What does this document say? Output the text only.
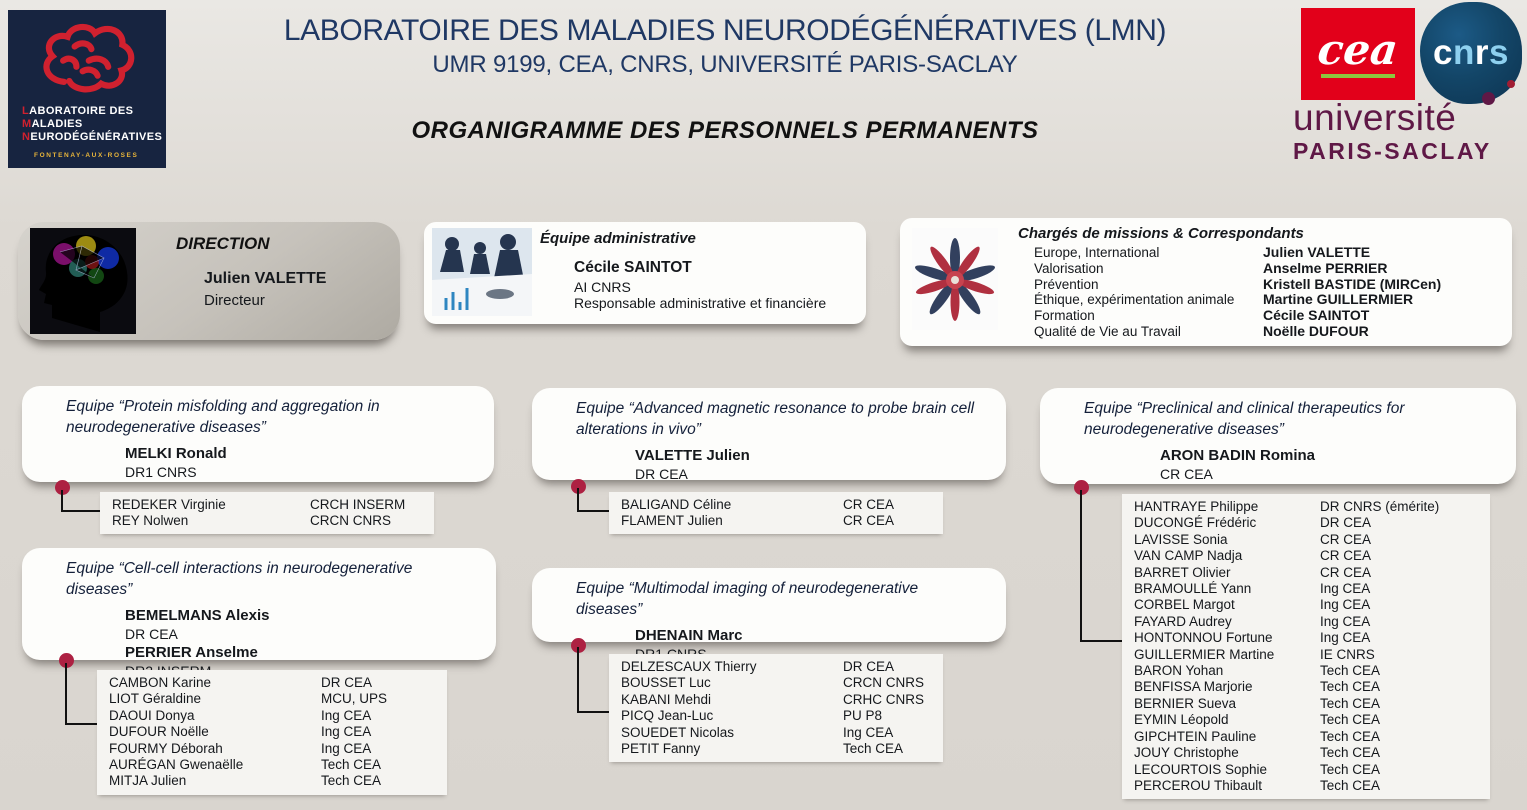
LABORATOIRE DES
MALADIES
NEURODÉGÉNÉRATIVES
FONTENAY-AUX-ROSES
LABORATOIRE DES MALADIES NEURODÉGÉNÉRATIVES (LMN)
UMR 9199, CEA, CNRS, UNIVERSITÉ PARIS-SACLAY
ORGANIGRAMME DES PERSONNELS PERMANENTS
cea cnrs
université
PARIS-SACLAY
DIRECTION
Julien VALETTE
Directeur
Équipe administrative
Cécile SAINTOT
AI CNRS
Responsable administrative et financière
Chargés de missions & Correspondants
Europe, International	Julien VALETTE
Valorisation	Anselme PERRIER
Prévention	Kristell BASTIDE (MIRCen)
Éthique, expérimentation animale	Martine GUILLERMIER
Formation	Cécile SAINTOT
Qualité de Vie au Travail	Noëlle DUFOUR
Equipe “Protein misfolding and aggregation in neurodegenerative diseases”
MELKI Ronald
DR1 CNRS
Equipe “Cell-cell interactions in neurodegenerative diseases”
BEMELMANS Alexis
DR CEA
PERRIER Anselme
Equipe “Advanced magnetic resonance to probe brain cell alterations in vivo”
VALETTE Julien
DR CEA
Equipe “Multimodal imaging of neurodegenerative diseases”
DHENAIN Marc
Equipe “Preclinical and clinical therapeutics for neurodegenerative diseases”
ARON BADIN Romina
CR CEA
REDEKER Virginie	CRCH INSERM
REY Nolwen	CRCN CNRS
CAMBON Karine	DR CEA
LIOT Géraldine	MCU, UPS
DAOUI Donya	Ing CEA
DUFOUR Noëlle	Ing CEA
FOURMY Déborah	Ing CEA
AURÉGAN Gwenaëlle	Tech CEA
MITJA Julien	Tech CEA
BALIGAND Céline	CR CEA
FLAMENT Julien	CR CEA
DELZESCAUX Thierry	DR CEA
BOUSSET Luc	CRCN CNRS
KABANI Mehdi	CRHC CNRS
PICQ Jean-Luc	PU P8
SOUEDET Nicolas	Ing CEA
PETIT Fanny	Tech CEA
HANTRAYE Philippe	DR CNRS (émérite)
DUCONGÉ Frédéric	DR CEA
LAVISSE Sonia	CR CEA
VAN CAMP Nadja	CR CEA
BARRET Olivier	CR CEA
BRAMOULLÉ Yann	Ing CEA
CORBEL Margot	Ing CEA
FAYARD Audrey	Ing CEA
HONTONNOU Fortune	Ing CEA
GUILLERMIER Martine	IE CNRS
BARON Yohan	Tech CEA
BENFISSA Marjorie	Tech CEA
BERNIER Sueva	Tech CEA
EYMIN Léopold	Tech CEA
GIPCHTEIN Pauline	Tech CEA
JOUY Christophe	Tech CEA
LECOURTOIS Sophie	Tech CEA
PERCEROU Thibault	Tech CEA
